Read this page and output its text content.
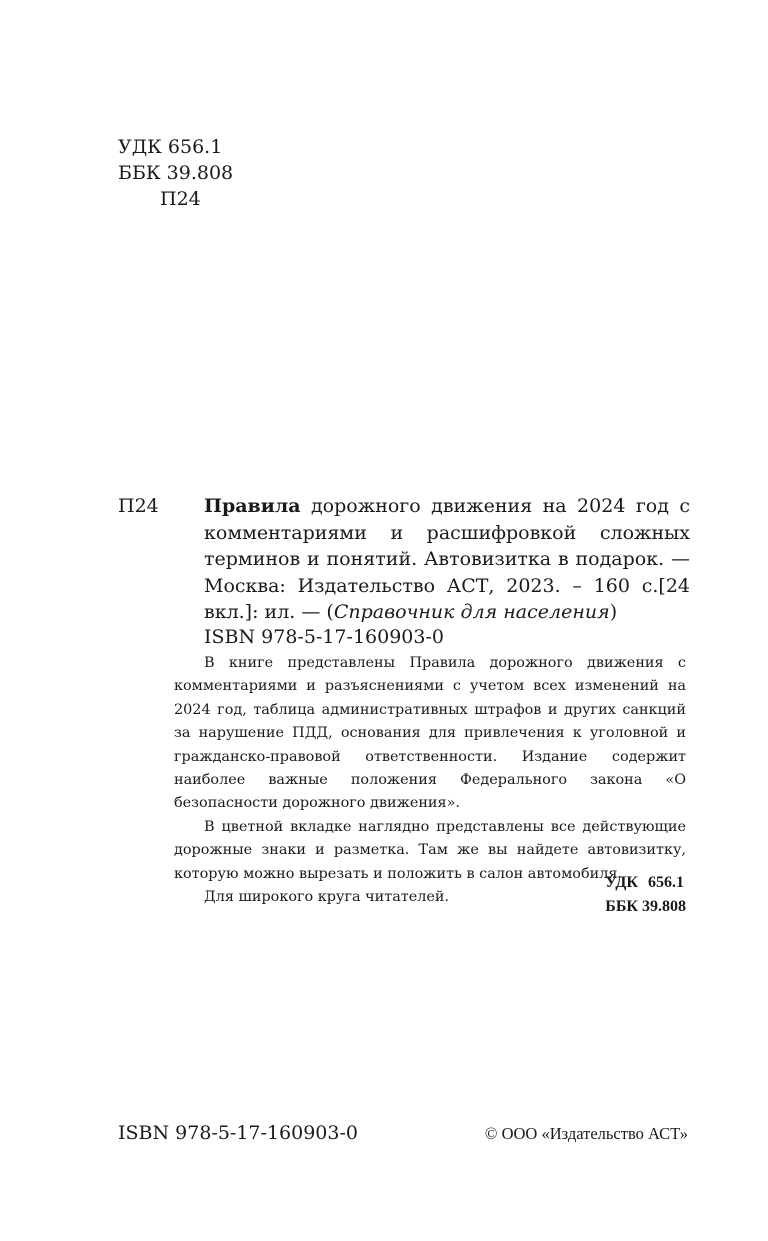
УДК 656.1
ББК 39.808
П24
П24 Правила дорожного движения на 2024 год с комментариями и расшифровкой сложных терминов и понятий. Автовизитка в подарок. — Москва: Издательство АСТ, 2023. – 160 с.[24 вкл.]: ил. — (Справочник для населения)

ISBN 978-5-17-160903-0

В книге представлены Правила дорожного движения с комментариями и разъяснениями с учетом всех изменений на 2024 год, таблица административных штрафов и других санкций за нарушение ПДД, основания для привлечения к уголовной и гражданско-правовой ответственности. Издание содержит наиболее важные положения Федерального закона «О безопасности дорожного движения».

В цветной вкладке наглядно представлены все действующие дорожные знаки и разметка. Там же вы найдете автовизитку, которую можно вырезать и положить в салон автомобиля.

Для широкого круга читателей.

УДК 656.1
ББК 39.808
ISBN 978-5-17-160903-0	© ООО «Издательство АСТ»
